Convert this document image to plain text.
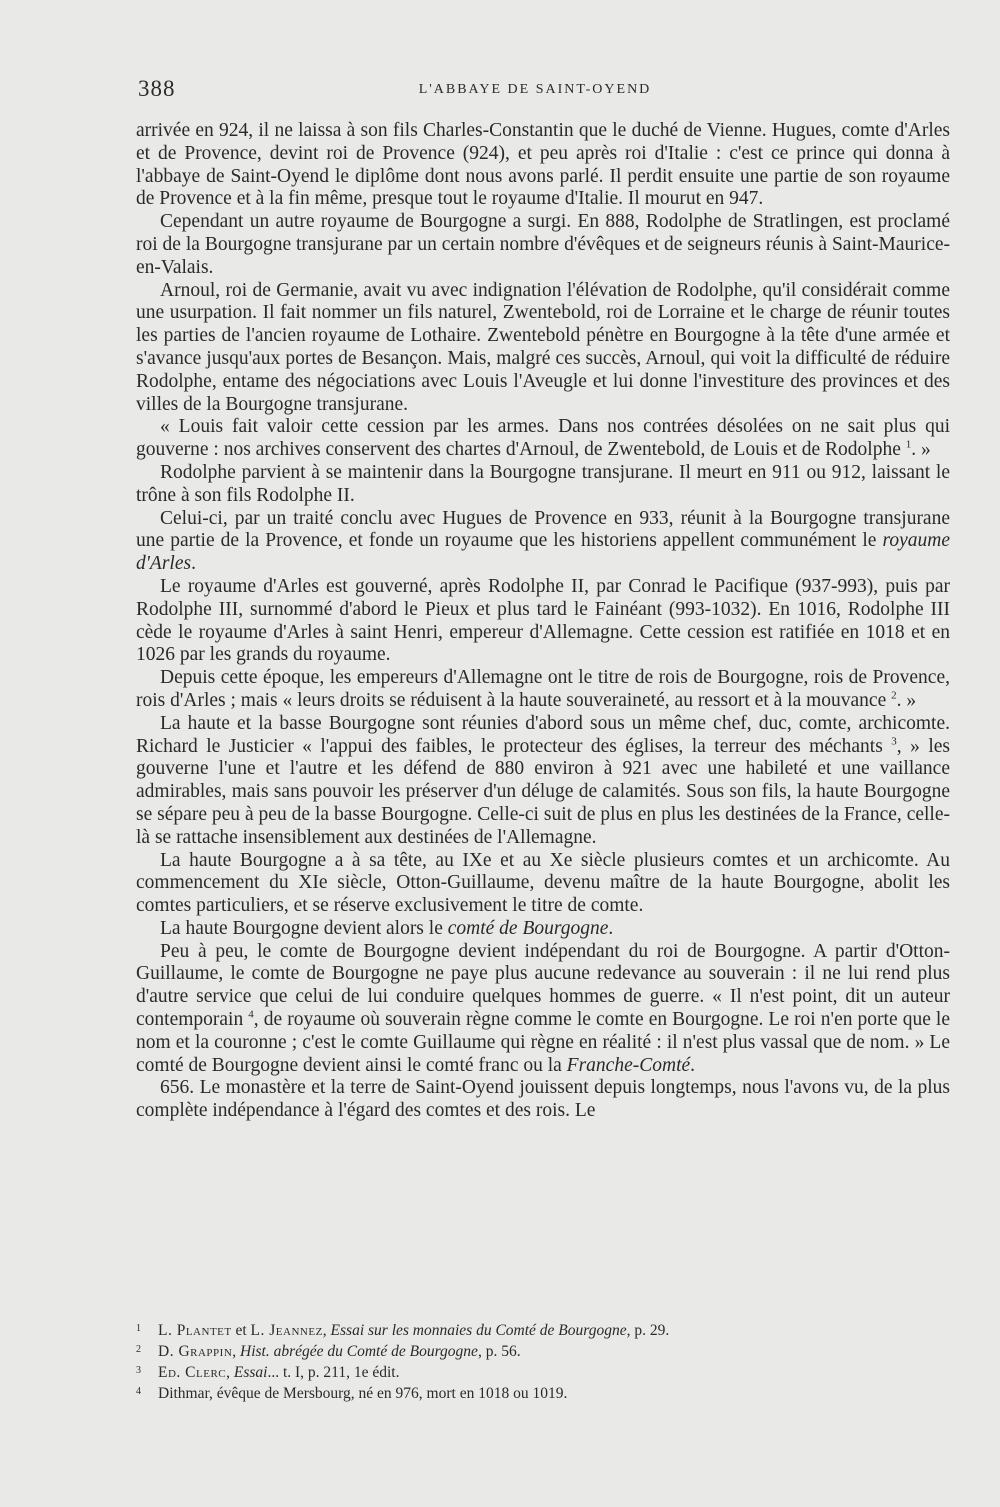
388	L'ABBAYE DE SAINT-OYEND

arrivée en 924, il ne laissa à son fils Charles-Constantin que le duché de Vienne. Hugues, comte d'Arles et de Provence, devint roi de Provence (924), et peu après roi d'Italie : c'est ce prince qui donna à l'abbaye de Saint-Oyend le diplôme dont nous avons parlé. Il perdit ensuite une partie de son royaume de Provence et à la fin même, presque tout le royaume d'Italie. Il mourut en 947.

Cependant un autre royaume de Bourgogne a surgi. En 888, Rodolphe de Stratlingen, est proclamé roi de la Bourgogne transjurane par un certain nombre d'évêques et de seigneurs réunis à Saint-Maurice-en-Valais.

Arnoul, roi de Germanie, avait vu avec indignation l'élévation de Rodolphe, qu'il considérait comme une usurpation. Il fait nommer un fils naturel, Zwentebold, roi de Lorraine et le charge de réunir toutes les parties de l'ancien royaume de Lothaire. Zwentebold pénètre en Bourgogne à la tête d'une armée et s'avance jusqu'aux portes de Besançon. Mais, malgré ces succès, Arnoul, qui voit la difficulté de réduire Rodolphe, entame des négociations avec Louis l'Aveugle et lui donne l'investiture des provinces et des villes de la Bourgogne transjurane.

« Louis fait valoir cette cession par les armes. Dans nos contrées désolées on ne sait plus qui gouverne : nos archives conservent des chartes d'Arnoul, de Zwentebold, de Louis et de Rodolphe $^1$. »

Rodolphe parvient à se maintenir dans la Bourgogne transjurane. Il meurt en 911 ou 912, laissant le trône à son fils Rodolphe II.

Celui-ci, par un traité conclu avec Hugues de Provence en 933, réunit à la Bourgogne transjurane une partie de la Provence, et fonde un royaume que les historiens appellent communément le royaume d'Arles.

Le royaume d'Arles est gouverné, après Rodolphe II, par Conrad le Pacifique (937-993), puis par Rodolphe III, surnommé d'abord le Pieux et plus tard le Fainéant (993-1032). En 1016, Rodolphe III cède le royaume d'Arles à saint Henri, empereur d'Allemagne. Cette cession est ratifiée en 1018 et en 1026 par les grands du royaume.

Depuis cette époque, les empereurs d'Allemagne ont le titre de rois de Bourgogne, rois de Provence, rois d'Arles ; mais « leurs droits se réduisent à la haute souveraineté, au ressort et à la mouvance $^2$. »

La haute et la basse Bourgogne sont réunies d'abord sous un même chef, duc, comte, archicomte. Richard le Justicier « l'appui des faibles, le protecteur des églises, la terreur des méchants $^3$, » les gouverne l'une et l'autre et les défend de 880 environ à 921 avec une habileté et une vaillance admirables, mais sans pouvoir les préserver d'un déluge de calamités. Sous son fils, la haute Bourgogne se sépare peu à peu de la basse Bourgogne. Celle-ci suit de plus en plus les destinées de la France, celle-là se rattache insensiblement aux destinées de l'Allemagne.

La haute Bourgogne a à sa tête, au IXe et au Xe siècle plusieurs comtes et un archicomte. Au commencement du XIe siècle, Otton-Guillaume, devenu maître de la haute Bourgogne, abolit les comtes particuliers, et se réserve exclusivement le titre de comte.

La haute Bourgogne devient alors le comté de Bourgogne.

Peu à peu, le comte de Bourgogne devient indépendant du roi de Bourgogne. A partir d'Otton-Guillaume, le comte de Bourgogne ne paye plus aucune redevance au souverain : il ne lui rend plus d'autre service que celui de lui conduire quelques hommes de guerre. « Il n'est point, dit un auteur contemporain $^4$, de royaume où souverain règne comme le comte en Bourgogne. Le roi n'en porte que le nom et la couronne ; c'est le comte Guillaume qui règne en réalité : il n'est plus vassal que de nom. » Le comté de Bourgogne devient ainsi le comté franc ou la Franche-Comté.

656. Le monastère et la terre de Saint-Oyend jouissent depuis longtemps, nous l'avons vu, de la plus complète indépendance à l'égard des comtes et des rois. Le

1 L. Plantet et L. Jeannez, Essai sur les monnaies du Comté de Bourgogne, p. 29.

2 D. Grappin, Hist. abrégée du Comté de Bourgogne, p. 56.

3 Ed. Clerc, Essai... t. I, p. 211, 1e édit.

4 Dithmar, évêque de Mersbourg, né en 976, mort en 1018 ou 1019.
